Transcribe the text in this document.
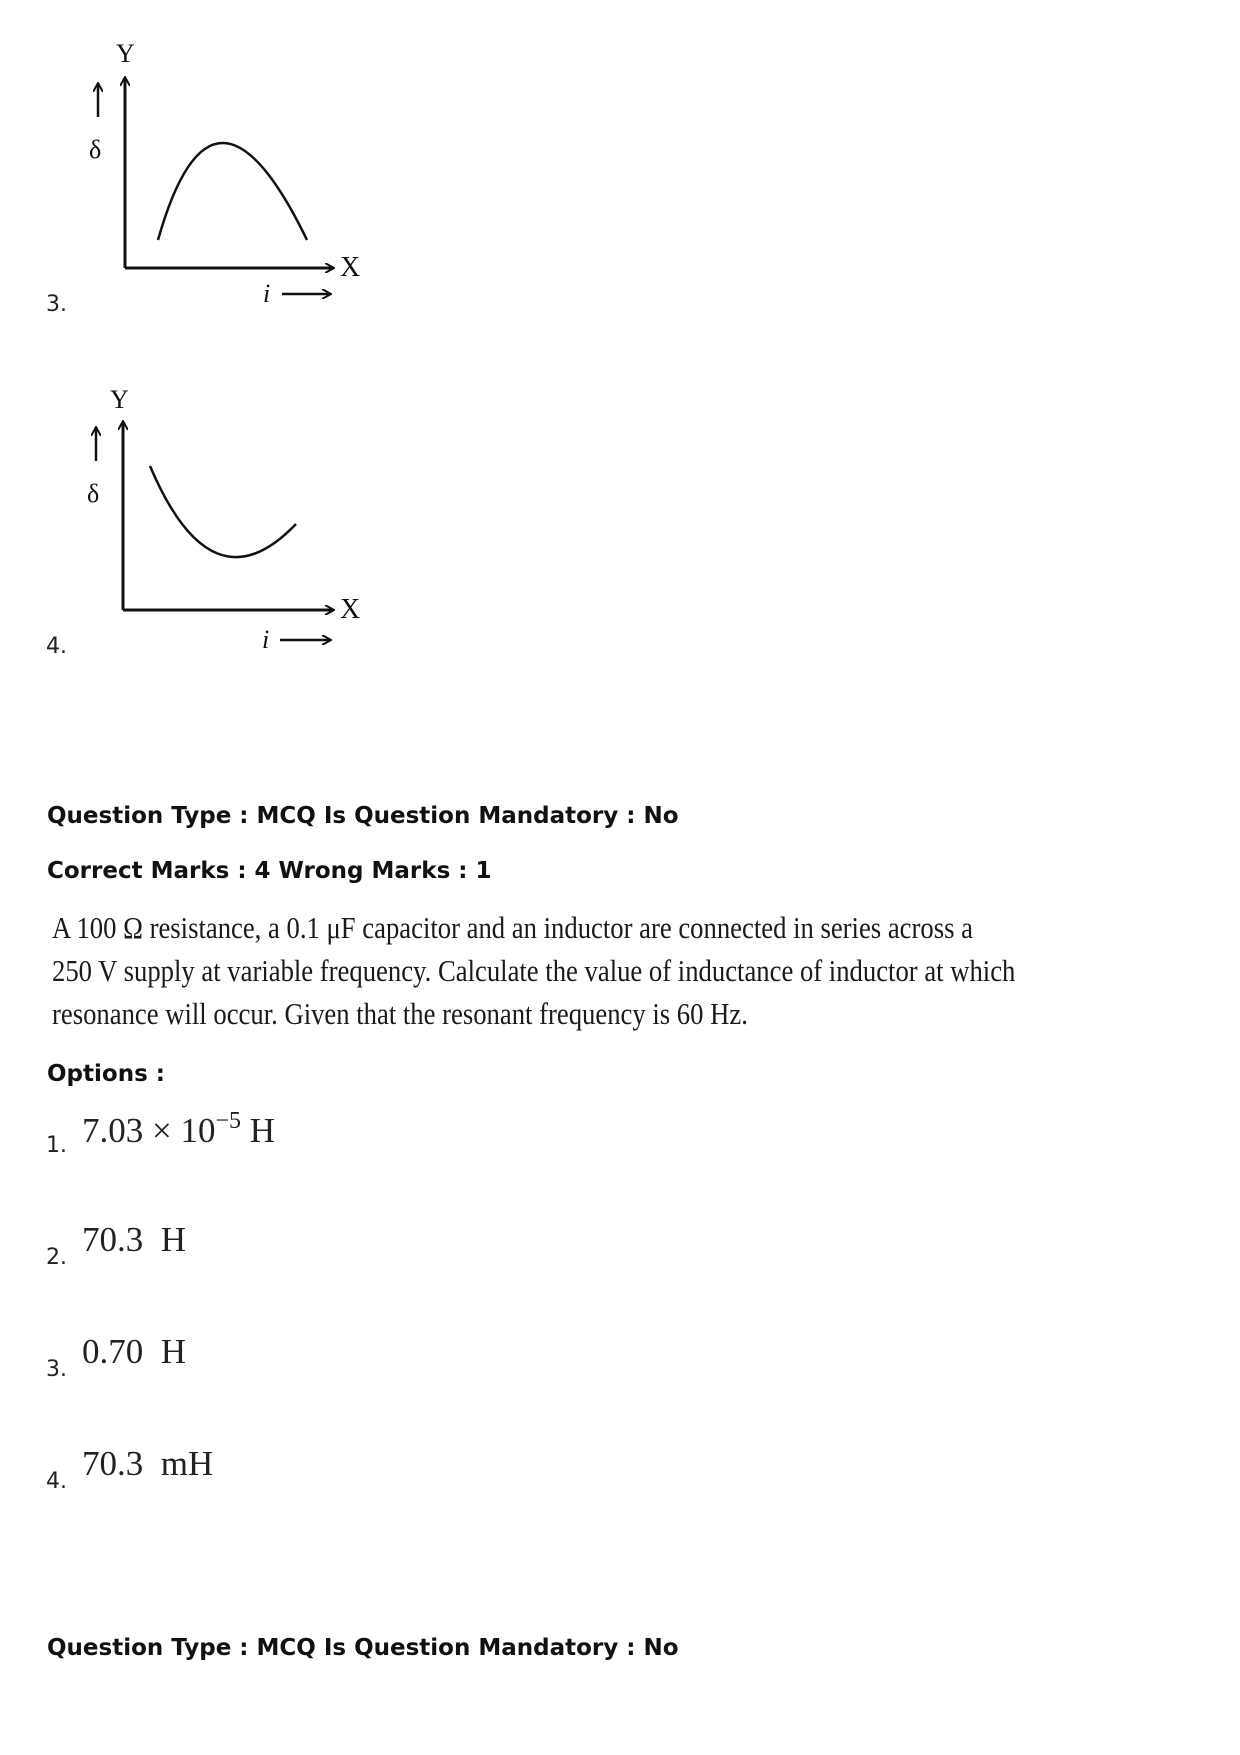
3.
Y
X
δ
i
4.
Y
X
δ
i
Question Type : MCQ Is Question Mandatory : No
Correct Marks : 4 Wrong Marks : 1
A 100 Ω resistance, a 0.1 μF capacitor and an inductor are connected in series across a
250 V supply at variable frequency. Calculate the value of inductance of inductor at which
resonance will occur. Given that the resonant frequency is 60 Hz.
Options :
1. $7.03 \times 10^{-5}$ H
2. 70.3  H
3. 0.70  H
4. 70.3  mH
Question Type : MCQ Is Question Mandatory : No
